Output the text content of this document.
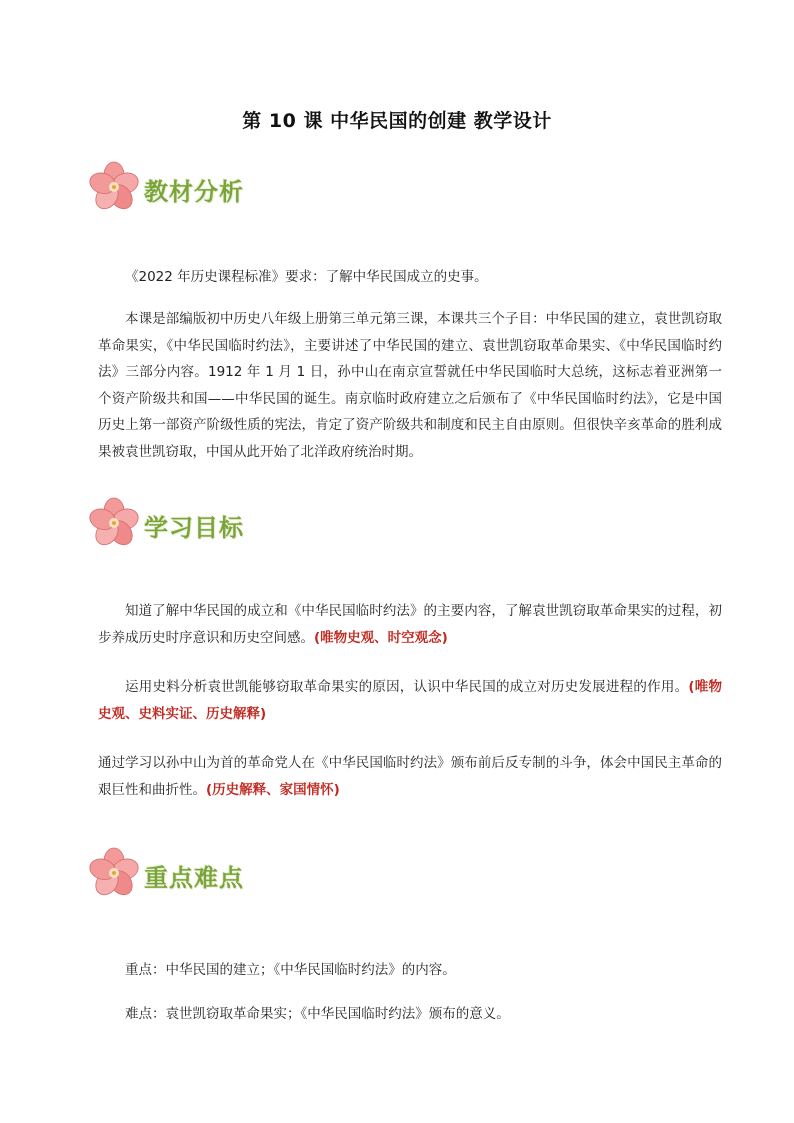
第 10 课 中华民国的创建 教学设计
教材分析
《2022 年历史课程标准》要求：了解中华民国成立的史事。
本课是部编版初中历史八年级上册第三单元第三课，本课共三个子目：中华民国的建立，袁世凯窃取革命果实，《中华民国临时约法》，主要讲述了中华民国的建立、袁世凯窃取革命果实、《中华民国临时约法》三部分内容。1912 年 1 月 1 日，孙中山在南京宣誓就任中华民国临时大总统，这标志着亚洲第一个资产阶级共和国——中华民国的诞生。南京临时政府建立之后颁布了《中华民国临时约法》，它是中国历史上第一部资产阶级性质的宪法，肯定了资产阶级共和制度和民主自由原则。但很快辛亥革命的胜利成果被袁世凯窃取，中国从此开始了北洋政府统治时期。
学习目标
知道了解中华民国的成立和《中华民国临时约法》的主要内容，了解袁世凯窃取革命果实的过程，初步养成历史时序意识和历史空间感。(唯物史观、时空观念)
运用史料分析袁世凯能够窃取革命果实的原因，认识中华民国的成立对历史发展进程的作用。(唯物史观、史料实证、历史解释)
通过学习以孙中山为首的革命党人在《中华民国临时约法》颁布前后反专制的斗争，体会中国民主革命的艰巨性和曲折性。(历史解释、家国情怀)
重点难点
重点：中华民国的建立；《中华民国临时约法》的内容。
难点：袁世凯窃取革命果实；《中华民国临时约法》颁布的意义。
